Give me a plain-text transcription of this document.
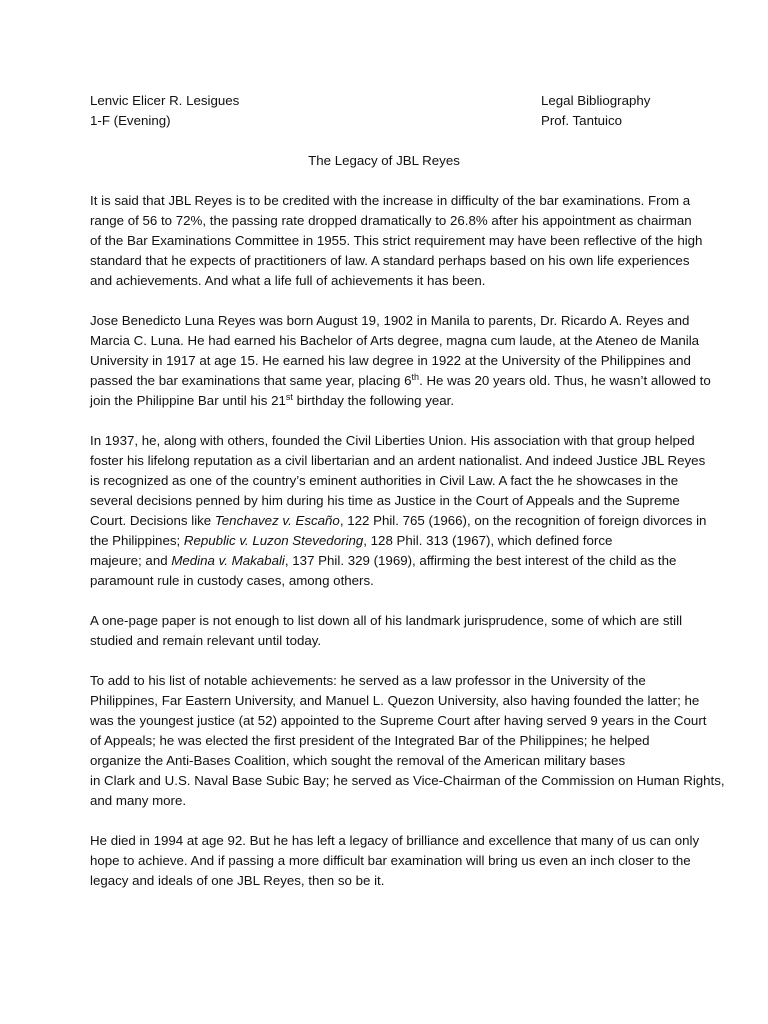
Lenvic Elicer R. Lesigues
1-F (Evening)
Legal Bibliography
Prof. Tantuico
The Legacy of JBL Reyes

It is said that JBL Reyes is to be credited with the increase in difficulty of the bar examinations. From a
range of 56 to 72%, the passing rate dropped dramatically to 26.8% after his appointment as chairman
of the Bar Examinations Committee in 1955. This strict requirement may have been reflective of the high
standard that he expects of practitioners of law. A standard perhaps based on his own life experiences
and achievements. And what a life full of achievements it has been.

Jose Benedicto Luna Reyes was born August 19, 1902 in Manila to parents, Dr. Ricardo A. Reyes and
Marcia C. Luna. He had earned his Bachelor of Arts degree, magna cum laude, at the Ateneo de Manila
University in 1917 at age 15. He earned his law degree in 1922 at the University of the Philippines and
passed the bar examinations that same year, placing 6th. He was 20 years old. Thus, he wasn’t allowed to
join the Philippine Bar until his 21st birthday the following year.

In 1937, he, along with others, founded the Civil Liberties Union. His association with that group helped
foster his lifelong reputation as a civil libertarian and an ardent nationalist. And indeed Justice JBL Reyes
is recognized as one of the country’s eminent authorities in Civil Law. A fact the he showcases in the
several decisions penned by him during his time as Justice in the Court of Appeals and the Supreme
Court. Decisions like Tenchavez v. Escaño, 122 Phil. 765 (1966), on the recognition of foreign divorces in
the Philippines; Republic v. Luzon Stevedoring, 128 Phil. 313 (1967), which defined force
majeure; and Medina v. Makabali, 137 Phil. 329 (1969), affirming the best interest of the child as the
paramount rule in custody cases, among others.

A one-page paper is not enough to list down all of his landmark jurisprudence, some of which are still
studied and remain relevant until today.

To add to his list of notable achievements: he served as a law professor in the University of the
Philippines, Far Eastern University, and Manuel L. Quezon University, also having founded the latter; he
was the youngest justice (at 52) appointed to the Supreme Court after having served 9 years in the Court
of Appeals; he was elected the first president of the Integrated Bar of the Philippines; he helped
organize the Anti-Bases Coalition, which sought the removal of the American military bases
in Clark and U.S. Naval Base Subic Bay; he served as Vice-Chairman of the Commission on Human Rights,
and many more.

He died in 1994 at age 92. But he has left a legacy of brilliance and excellence that many of us can only
hope to achieve. And if passing a more difficult bar examination will bring us even an inch closer to the
legacy and ideals of one JBL Reyes, then so be it.
